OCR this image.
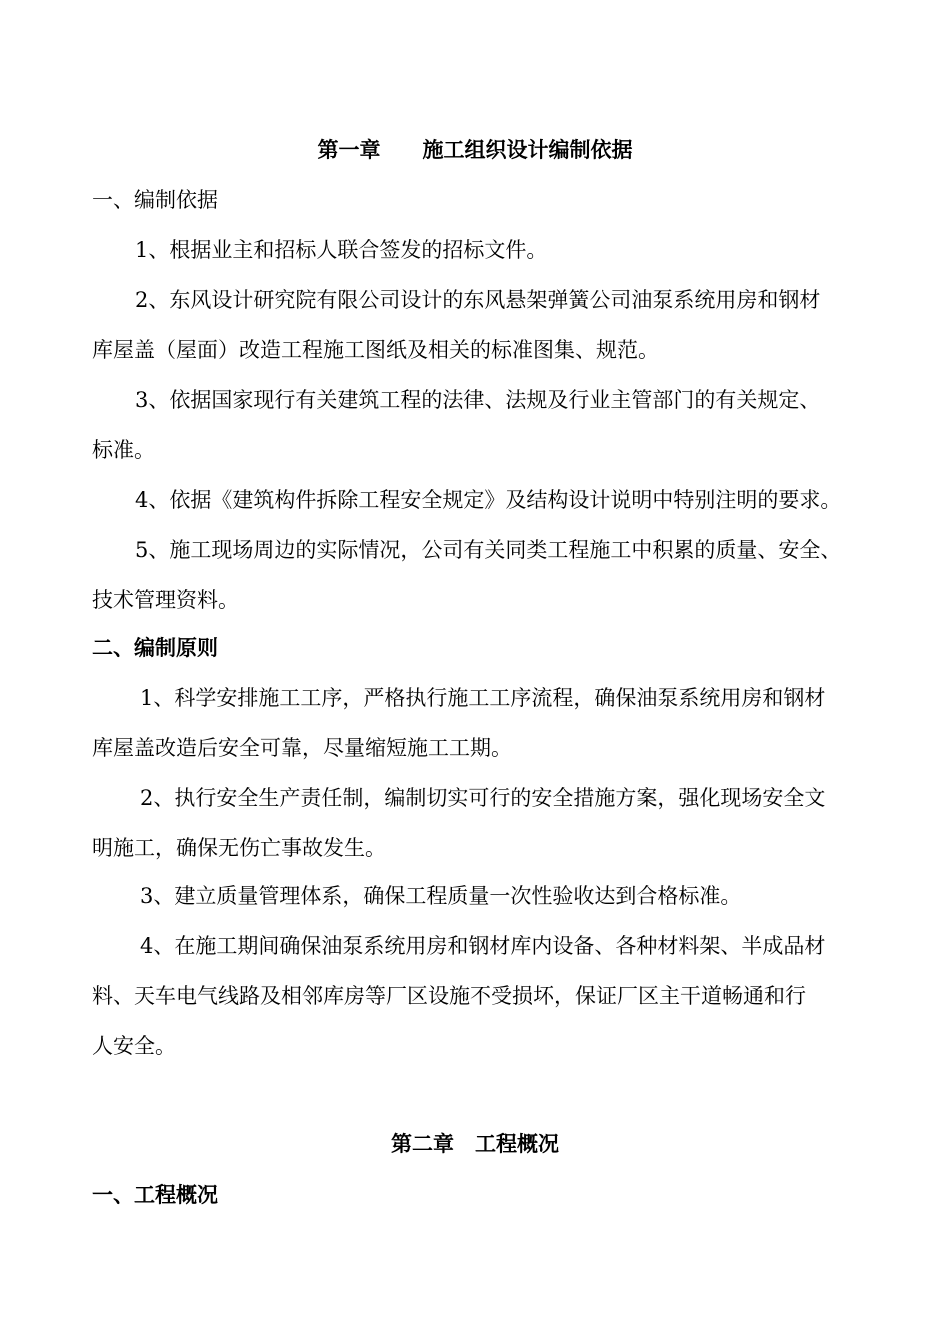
第一章　　施工组织设计编制依据
一、编制依据
1、根据业主和招标人联合签发的招标文件。
2、东风设计研究院有限公司设计的东风悬架弹簧公司油泵系统用房和钢材
库屋盖（屋面）改造工程施工图纸及相关的标准图集、规范。
3、依据国家现行有关建筑工程的法律、法规及行业主管部门的有关规定、
标准。
4、依据《建筑构件拆除工程安全规定》及结构设计说明中特别注明的要求。
5、施工现场周边的实际情况，公司有关同类工程施工中积累的质量、安全、
技术管理资料。
二、编制原则
1、科学安排施工工序，严格执行施工工序流程，确保油泵系统用房和钢材
库屋盖改造后安全可靠，尽量缩短施工工期。
2、执行安全生产责任制，编制切实可行的安全措施方案，强化现场安全文
明施工，确保无伤亡事故发生。
3、建立质量管理体系，确保工程质量一次性验收达到合格标准。
4、在施工期间确保油泵系统用房和钢材库内设备、各种材料架、半成品材
料、天车电气线路及相邻库房等厂区设施不受损坏，保证厂区主干道畅通和行
人安全。
第二章　工程概况
一、工程概况
